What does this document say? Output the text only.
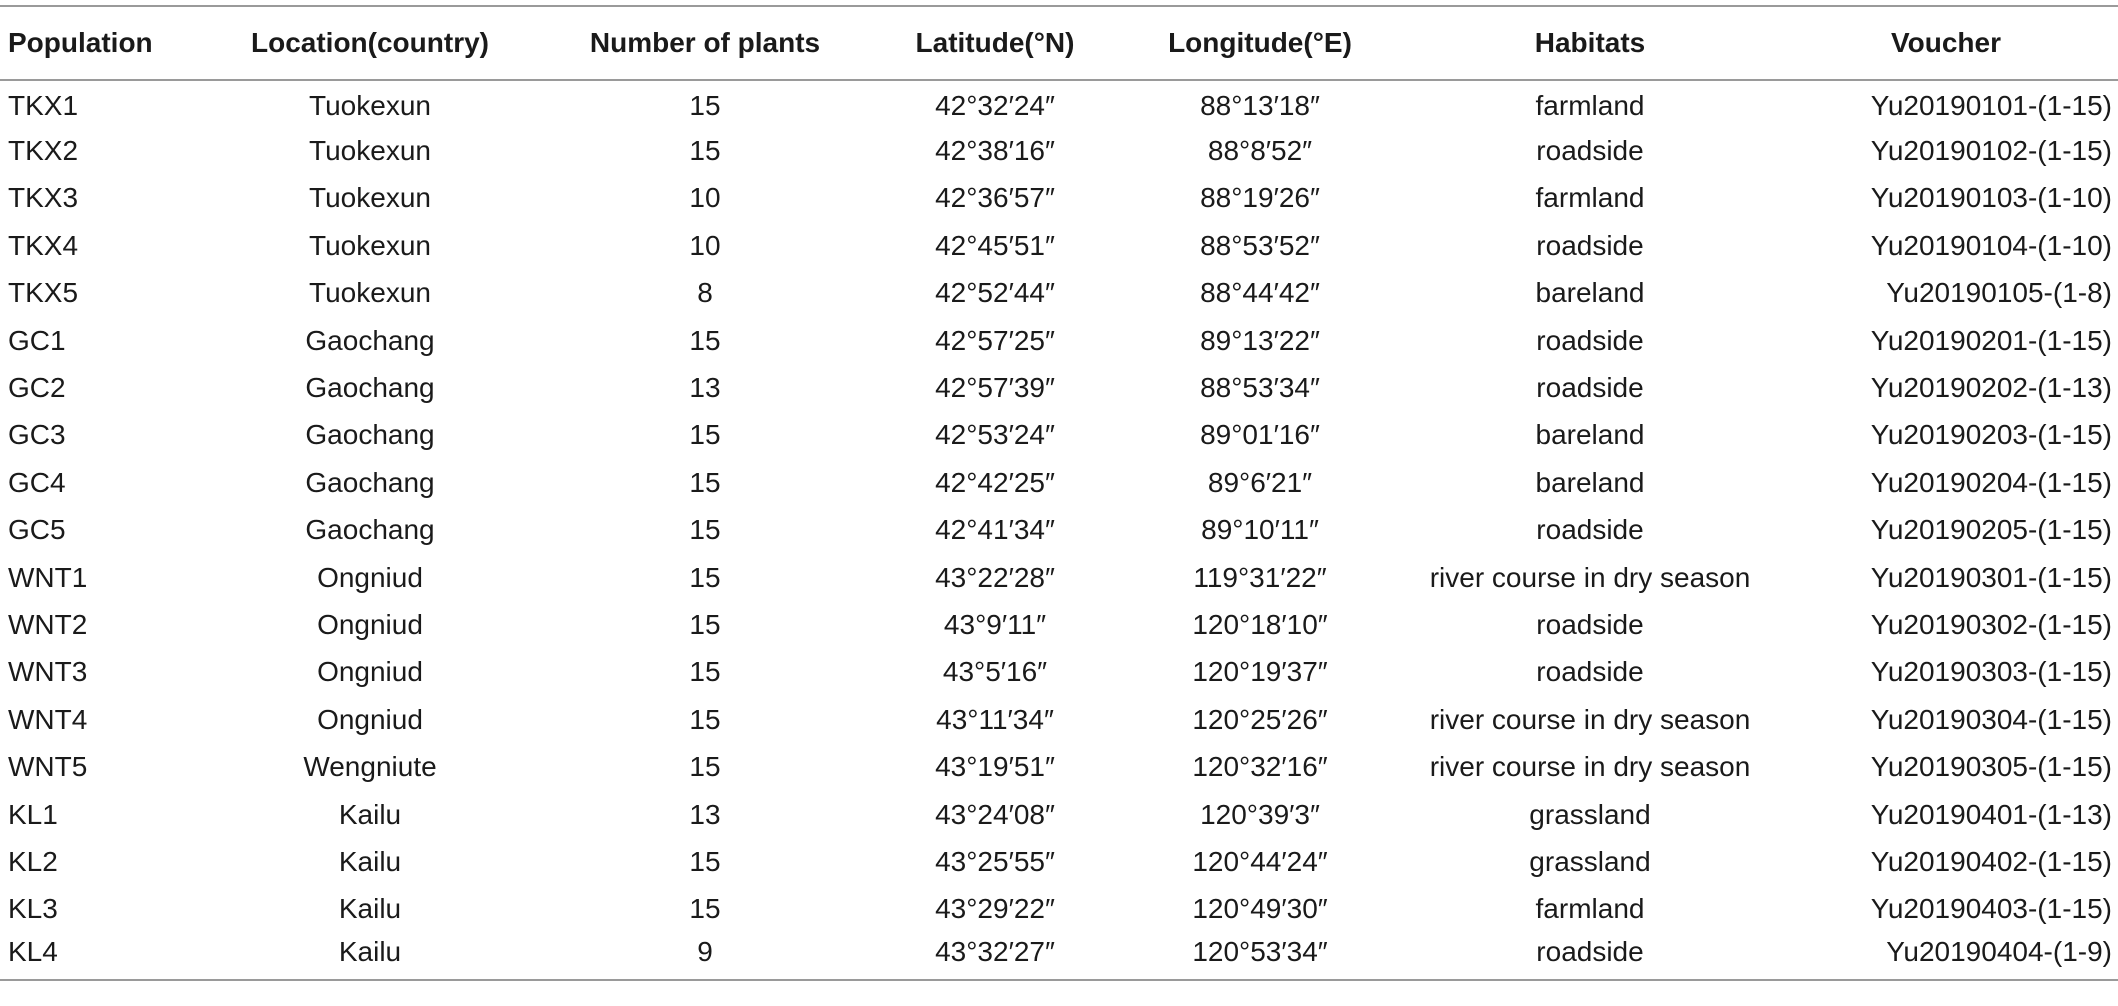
Population	Location(country)	Number of plants	Latitude(°N)	Longitude(°E)	Habitats	Voucher
TKX1	Tuokexun	15	42°32′24″	88°13′18″	farmland	Yu20190101-(1-15)
TKX2	Tuokexun	15	42°38′16″	88°8′52″	roadside	Yu20190102-(1-15)
TKX3	Tuokexun	10	42°36′57″	88°19′26″	farmland	Yu20190103-(1-10)
TKX4	Tuokexun	10	42°45′51″	88°53′52″	roadside	Yu20190104-(1-10)
TKX5	Tuokexun	8	42°52′44″	88°44′42″	bareland	Yu20190105-(1-8)
GC1	Gaochang	15	42°57′25″	89°13′22″	roadside	Yu20190201-(1-15)
GC2	Gaochang	13	42°57′39″	88°53′34″	roadside	Yu20190202-(1-13)
GC3	Gaochang	15	42°53′24″	89°01′16″	bareland	Yu20190203-(1-15)
GC4	Gaochang	15	42°42′25″	89°6′21″	bareland	Yu20190204-(1-15)
GC5	Gaochang	15	42°41′34″	89°10′11″	roadside	Yu20190205-(1-15)
WNT1	Ongniud	15	43°22′28″	119°31′22″	river course in dry season	Yu20190301-(1-15)
WNT2	Ongniud	15	43°9′11″	120°18′10″	roadside	Yu20190302-(1-15)
WNT3	Ongniud	15	43°5′16″	120°19′37″	roadside	Yu20190303-(1-15)
WNT4	Ongniud	15	43°11′34″	120°25′26″	river course in dry season	Yu20190304-(1-15)
WNT5	Wengniute	15	43°19′51″	120°32′16″	river course in dry season	Yu20190305-(1-15)
KL1	Kailu	13	43°24′08″	120°39′3″	grassland	Yu20190401-(1-13)
KL2	Kailu	15	43°25′55″	120°44′24″	grassland	Yu20190402-(1-15)
KL3	Kailu	15	43°29′22″	120°49′30″	farmland	Yu20190403-(1-15)
KL4	Kailu	9	43°32′27″	120°53′34″	roadside	Yu20190404-(1-9)
